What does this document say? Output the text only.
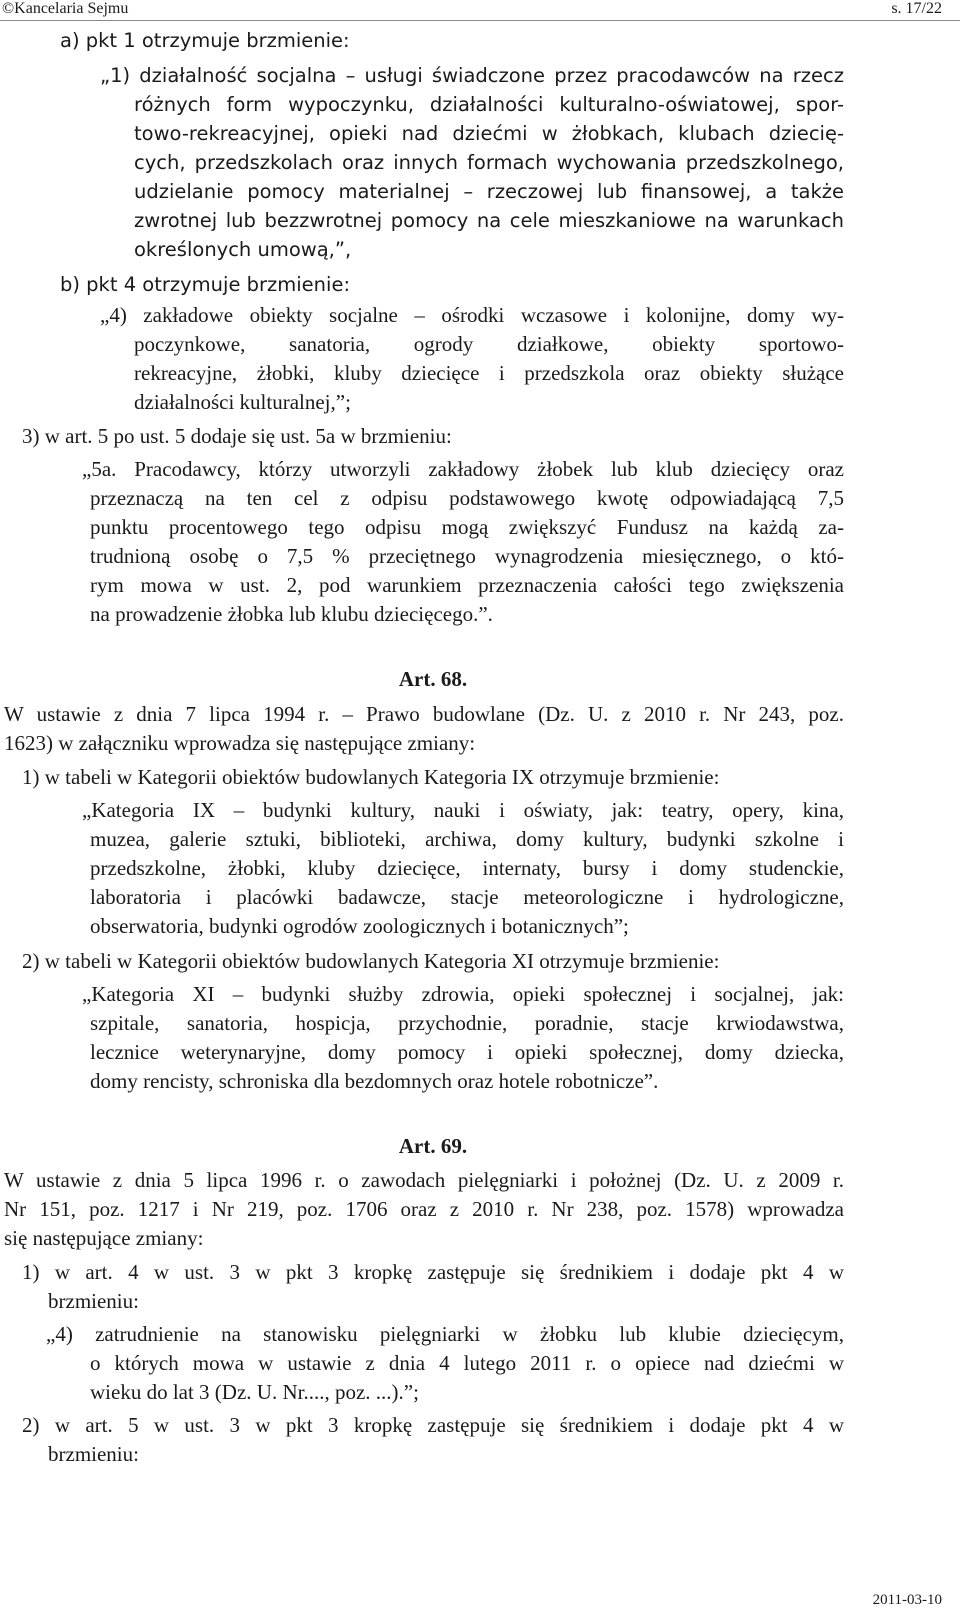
©Kancelaria Sejmu	s. 17/22
a) pkt 1 otrzymuje brzmienie:
„1) działalność socjalna – usługi świadczone przez pracodawców na rzecz
różnych form wypoczynku, działalności kulturalno-oświatowej, spor-
towo-rekreacyjnej, opieki nad dziećmi w żłobkach, klubach dziecię-
cych, przedszkolach oraz innych formach wychowania przedszkolnego,
udzielanie pomocy materialnej – rzeczowej lub finansowej, a także
zwrotnej lub bezzwrotnej pomocy na cele mieszkaniowe na warunkach
określonych umową,”,
b) pkt 4 otrzymuje brzmienie:
„4) zakładowe obiekty socjalne – ośrodki wczasowe i kolonijne, domy wy-
poczynkowe, sanatoria, ogrody działkowe, obiekty sportowo-
rekreacyjne, żłobki, kluby dziecięce i przedszkola oraz obiekty służące
działalności kulturalnej,”;
3) w art. 5 po ust. 5 dodaje się ust. 5a w brzmieniu:
„5a. Pracodawcy, którzy utworzyli zakładowy żłobek lub klub dziecięcy oraz
przeznaczą na ten cel z odpisu podstawowego kwotę odpowiadającą 7,5
punktu procentowego tego odpisu mogą zwiększyć Fundusz na każdą za-
trudnioną osobę o 7,5 % przeciętnego wynagrodzenia miesięcznego, o któ-
rym mowa w ust. 2, pod warunkiem przeznaczenia całości tego zwiększenia
na prowadzenie żłobka lub klubu dziecięcego.”.
Art. 68.
W ustawie z dnia 7 lipca 1994 r. – Prawo budowlane (Dz. U. z 2010 r. Nr 243, poz.
1623) w załączniku wprowadza się następujące zmiany:
1) w tabeli w Kategorii obiektów budowlanych Kategoria IX otrzymuje brzmienie:
„Kategoria IX – budynki kultury, nauki i oświaty, jak: teatry, opery, kina,
muzea, galerie sztuki, biblioteki, archiwa, domy kultury, budynki szkolne i
przedszkolne, żłobki, kluby dziecięce, internaty, bursy i domy studenckie,
laboratoria i placówki badawcze, stacje meteorologiczne i hydrologiczne,
obserwatoria, budynki ogrodów zoologicznych i botanicznych”;
2) w tabeli w Kategorii obiektów budowlanych Kategoria XI otrzymuje brzmienie:
„Kategoria XI – budynki służby zdrowia, opieki społecznej i socjalnej, jak:
szpitale, sanatoria, hospicja, przychodnie, poradnie, stacje krwiodawstwa,
lecznice weterynaryjne, domy pomocy i opieki społecznej, domy dziecka,
domy rencisty, schroniska dla bezdomnych oraz hotele robotnicze”.
Art. 69.
W ustawie z dnia 5 lipca 1996 r. o zawodach pielęgniarki i położnej (Dz. U. z 2009 r.
Nr 151, poz. 1217 i Nr 219, poz. 1706 oraz z 2010 r. Nr 238, poz. 1578) wprowadza
się następujące zmiany:
1) w art. 4 w ust. 3 w pkt 3 kropkę zastępuje się średnikiem i dodaje pkt 4 w
brzmieniu:
„4) zatrudnienie na stanowisku pielęgniarki w żłobku lub klubie dziecięcym,
o których mowa w ustawie z dnia 4 lutego 2011 r. o opiece nad dziećmi w
wieku do lat 3 (Dz. U. Nr...., poz. ...).”;
2) w art. 5 w ust. 3 w pkt 3 kropkę zastępuje się średnikiem i dodaje pkt 4 w
brzmieniu:
2011-03-10
